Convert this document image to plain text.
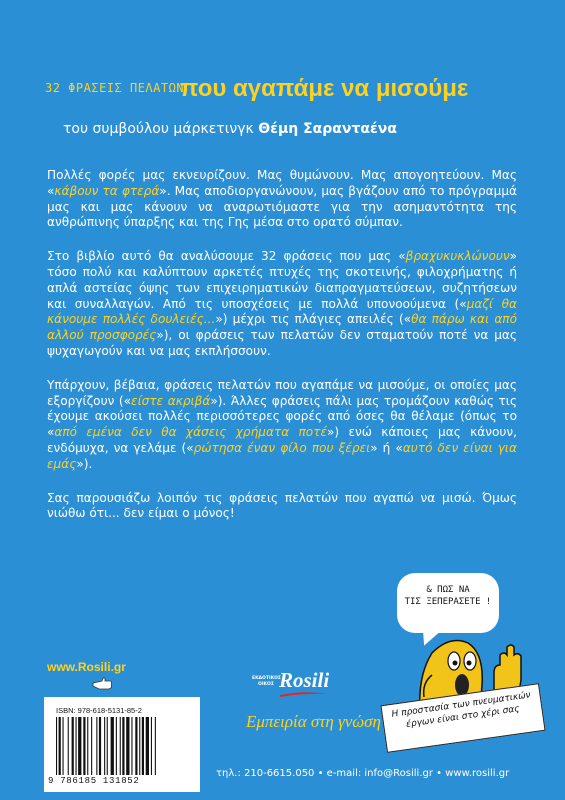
32 ΦΡΑΣΕΙΣ ΠΕΛΑΤΩΝ
που αγαπάμε να μισούμε
του συμβούλου μάρκετινγκ Θέμη Σαρανταένα

Πολλές φορές μας εκνευρίζουν. Μας θυμώνουν. Μας απογοητεύουν. Μας «κάβουν τα φτερά». Μας αποδιοργανώνουν, μας βγάζουν από το πρόγραμμά μας και μας κάνουν να αναρωτιόμαστε για την ασημαντότητα της ανθρώπινης ύπαρξης και της Γης μέσα στο ορατό σύμπαν.

Στο βιβλίο αυτό θα αναλύσουμε 32 φράσεις που μας «βραχυκυκλώνουν» τόσο πολύ και καλύπτουν αρκετές πτυχές της σκοτεινής, φιλοχρήματης ή απλά αστείας όψης των επιχειρηματικών διαπραγματεύσεων, συζητήσεων και συναλλαγών. Από τις υποσχέσεις με πολλά υπονοούμενα («μαζί θα κάνουμε πολλές δουλειές...») μέχρι τις πλάγιες απειλές («θα πάρω και από αλλού προσφορές»), οι φράσεις των πελατών δεν σταματούν ποτέ να μας ψυχαγωγούν και να μας εκπλήσσουν.

Υπάρχουν, βέβαια, φράσεις πελατών που αγαπάμε να μισούμε, οι οποίες μας εξοργίζουν («είστε ακριβά»). Άλλες φράσεις πάλι μας τρομάζουν καθώς τις έχουμε ακούσει πολλές περισσότερες φορές από όσες θα θέλαμε (όπως το «από εμένα δεν θα χάσεις χρήματα ποτέ») ενώ κάποιες μας κάνουν, ενδόμυχα, να γελάμε («ρώτησα έναν φίλο που ξέρει» ή «αυτό δεν είναι για εμάς»).

Σας παρουσιάζω λοιπόν τις φράσεις πελατών που αγαπώ να μισώ. Όμως νιώθω ότι... δεν είμαι ο μόνος!

& ΠΩΣ ΝΑ
ΤΙΣ ΞΕΠΕΡΑΣΕΤΕ !
Η προστασία των πνευματικών έργων είναι στο χέρι σας
www.Rosili.gr
ISBN: 978-618-5131-85-2
9 786185 131852
ΕΚΔΟΤΙΚΟΣ
ΟΙΚΟΣ Rosili
Εμπειρία στη γνώση
τηλ.: 210-6615.050 • e-mail: info@Rosili.gr • www.rosili.gr
